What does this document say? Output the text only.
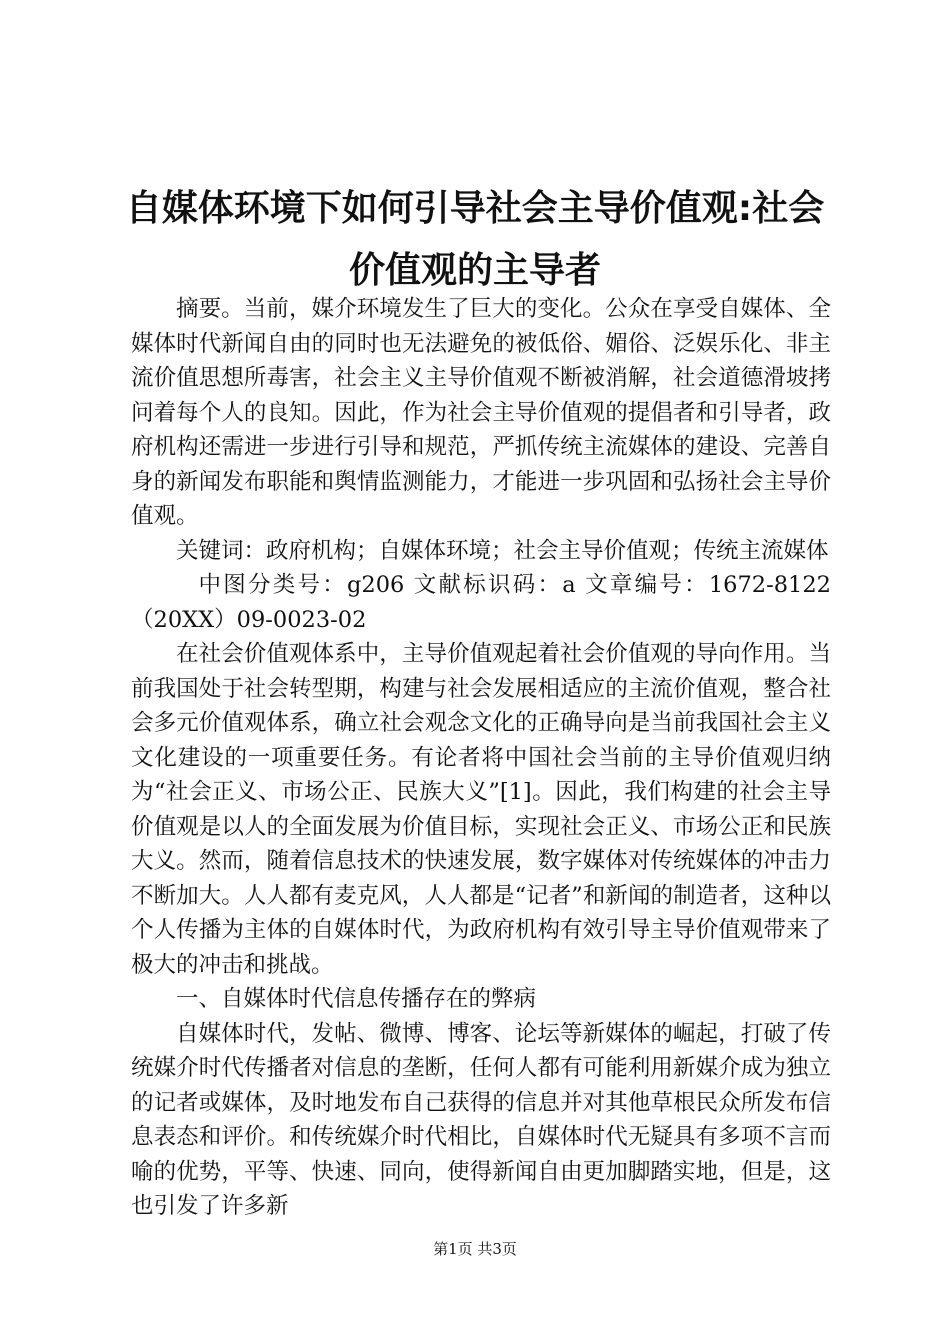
自媒体环境下如何引导社会主导价值观:社会价值观的主导者

摘要。当前，媒介环境发生了巨大的变化。公众在享受自媒体、全媒体时代新闻自由的同时也无法避免的被低俗、媚俗、泛娱乐化、非主流价值思想所毒害，社会主义主导价值观不断被消解，社会道德滑坡拷问着每个人的良知。因此，作为社会主导价值观的提倡者和引导者，政府机构还需进一步进行引导和规范，严抓传统主流媒体的建设、完善自身的新闻发布职能和舆情监测能力，才能进一步巩固和弘扬社会主导价值观。

关键词：政府机构；自媒体环境；社会主导价值观；传统主流媒体

中图分类号：g206 文献标识码：a 文章编号：1672-8122（20XX）09-0023-02

在社会价值观体系中，主导价值观起着社会价值观的导向作用。当前我国处于社会转型期，构建与社会发展相适应的主流价值观，整合社会多元价值观体系，确立社会观念文化的正确导向是当前我国社会主义文化建设的一项重要任务。有论者将中国社会当前的主导价值观归纳为“社会正义、市场公正、民族大义”[1]。因此，我们构建的社会主导价值观是以人的全面发展为价值目标，实现社会正义、市场公正和民族大义。然而，随着信息技术的快速发展，数字媒体对传统媒体的冲击力不断加大。人人都有麦克风，人人都是“记者”和新闻的制造者，这种以个人传播为主体的自媒体时代，为政府机构有效引导主导价值观带来了极大的冲击和挑战。

一、自媒体时代信息传播存在的弊病

自媒体时代，发帖、微博、博客、论坛等新媒体的崛起，打破了传统媒介时代传播者对信息的垄断，任何人都有可能利用新媒介成为独立的记者或媒体，及时地发布自己获得的信息并对其他草根民众所发布信息表态和评价。和传统媒介时代相比，自媒体时代无疑具有多项不言而喻的优势，平等、快速、同向，使得新闻自由更加脚踏实地，但是，这也引发了许多新

第1页 共3页
